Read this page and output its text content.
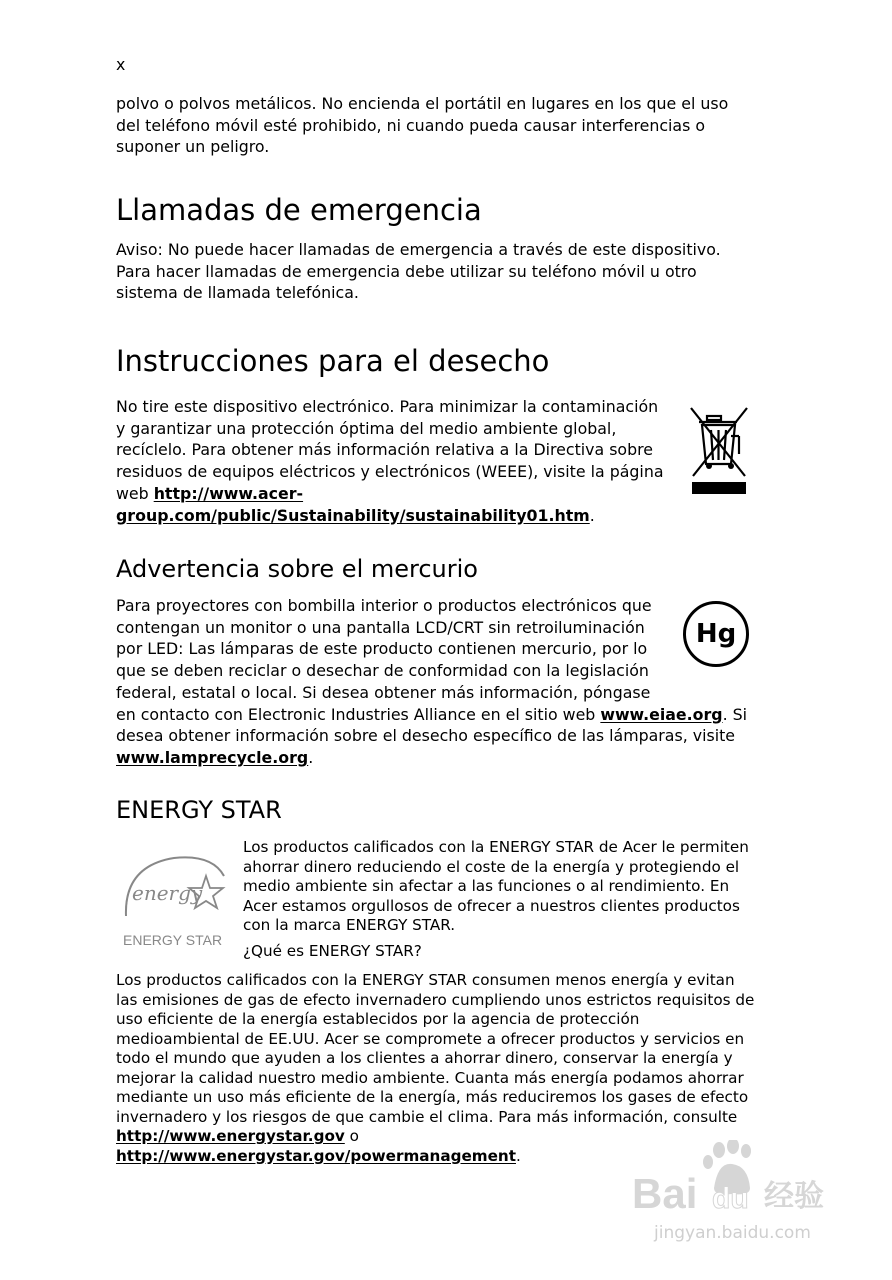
x

polvo o polvos metálicos. No encienda el portátil en lugares en los que el uso del teléfono móvil esté prohibido, ni cuando pueda causar interferencias o suponer un peligro.

Llamadas de emergencia

Aviso: No puede hacer llamadas de emergencia a través de este dispositivo. Para hacer llamadas de emergencia debe utilizar su teléfono móvil u otro sistema de llamada telefónica.

Instrucciones para el desecho

No tire este dispositivo electrónico. Para minimizar la contaminación y garantizar una protección óptima del medio ambiente global, recíclelo. Para obtener más información relativa a la Directiva sobre residuos de equipos eléctricos y electrónicos (WEEE), visite la página web http://www.acer-group.com/public/Sustainability/sustainability01.htm.

Advertencia sobre el mercurio
Hg

Para proyectores con bombilla interior o productos electrónicos que contengan un monitor o una pantalla LCD/CRT sin retroiluminación por LED: Las lámparas de este producto contienen mercurio, por lo que se deben reciclar o desechar de conformidad con la legislación federal, estatal o local. Si desea obtener más información, póngase en contacto con Electronic Industries Alliance en el sitio web www.eiae.org. Si desea obtener información sobre el desecho específico de las lámparas, visite www.lamprecycle.org.

ENERGY STAR
energy
ENERGY STAR

Los productos calificados con la ENERGY STAR de Acer le permiten ahorrar dinero reduciendo el coste de la energía y protegiendo el medio ambiente sin afectar a las funciones o al rendimiento. En Acer estamos orgullosos de ofrecer a nuestros clientes productos con la marca ENERGY STAR.

¿Qué es ENERGY STAR?

Los productos calificados con la ENERGY STAR consumen menos energía y evitan las emisiones de gas de efecto invernadero cumpliendo unos estrictos requisitos de uso eficiente de la energía establecidos por la agencia de protección medioambiental de EE.UU. Acer se compromete a ofrecer productos y servicios en todo el mundo que ayuden a los clientes a ahorrar dinero, conservar la energía y mejorar la calidad nuestro medio ambiente. Cuanta más energía podamos ahorrar mediante un uso más eficiente de la energía, más reduciremos los gases de efecto invernadero y los riesgos de que cambie el clima. Para más información, consulte http://www.energystar.gov o http://www.energystar.gov/powermanagement.

Bai du 经验
jingyan.baidu.com
